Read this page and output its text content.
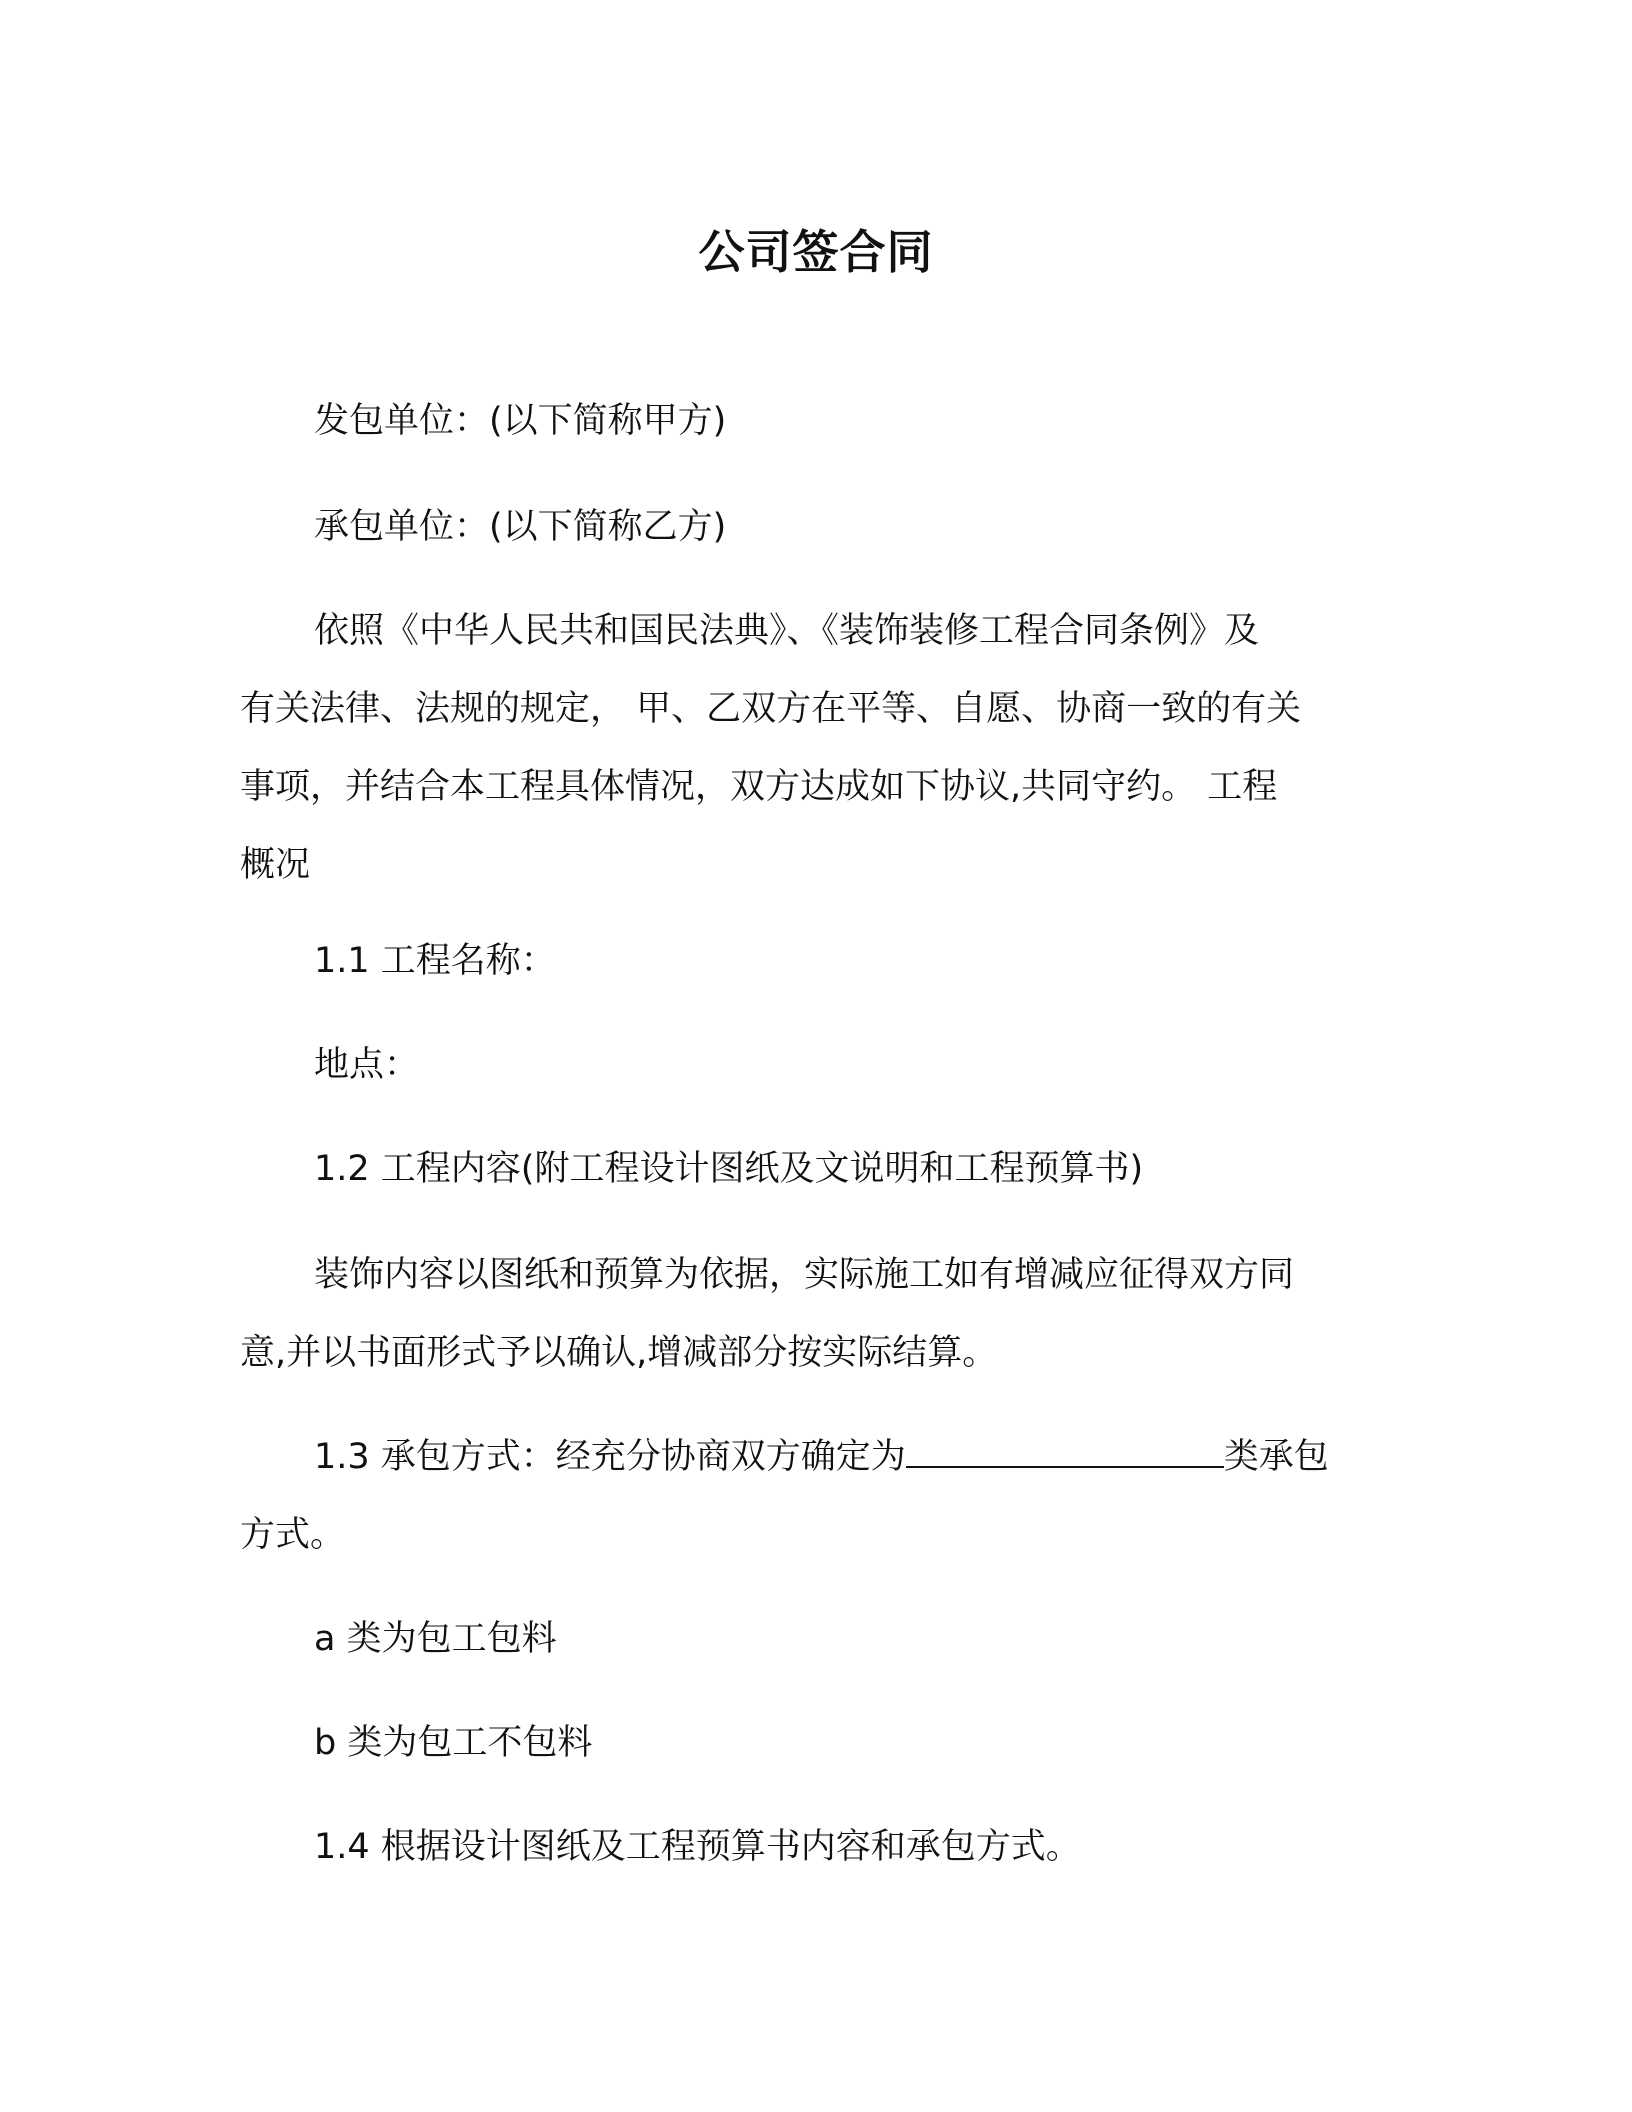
公司签合同

发包单位：(以下简称甲方)

承包单位：(以下简称乙方)

依照《中华人民共和国民法典》、《装饰装修工程合同条例》及
有关法律、法规的规定， 甲、乙双方在平等、自愿、协商一致的有关
事项，并结合本工程具体情况，双方达成如下协议,共同守约。 工程
概况

1.1 工程名称：

地点：

1.2 工程内容(附工程设计图纸及文说明和工程预算书)

装饰内容以图纸和预算为依据，实际施工如有增减应征得双方同
意,并以书面形式予以确认,增减部分按实际结算。

1.3 承包方式：经充分协商双方确定为	类承包
方式。

a 类为包工包料

b 类为包工不包料

1.4 根据设计图纸及工程预算书内容和承包方式。
